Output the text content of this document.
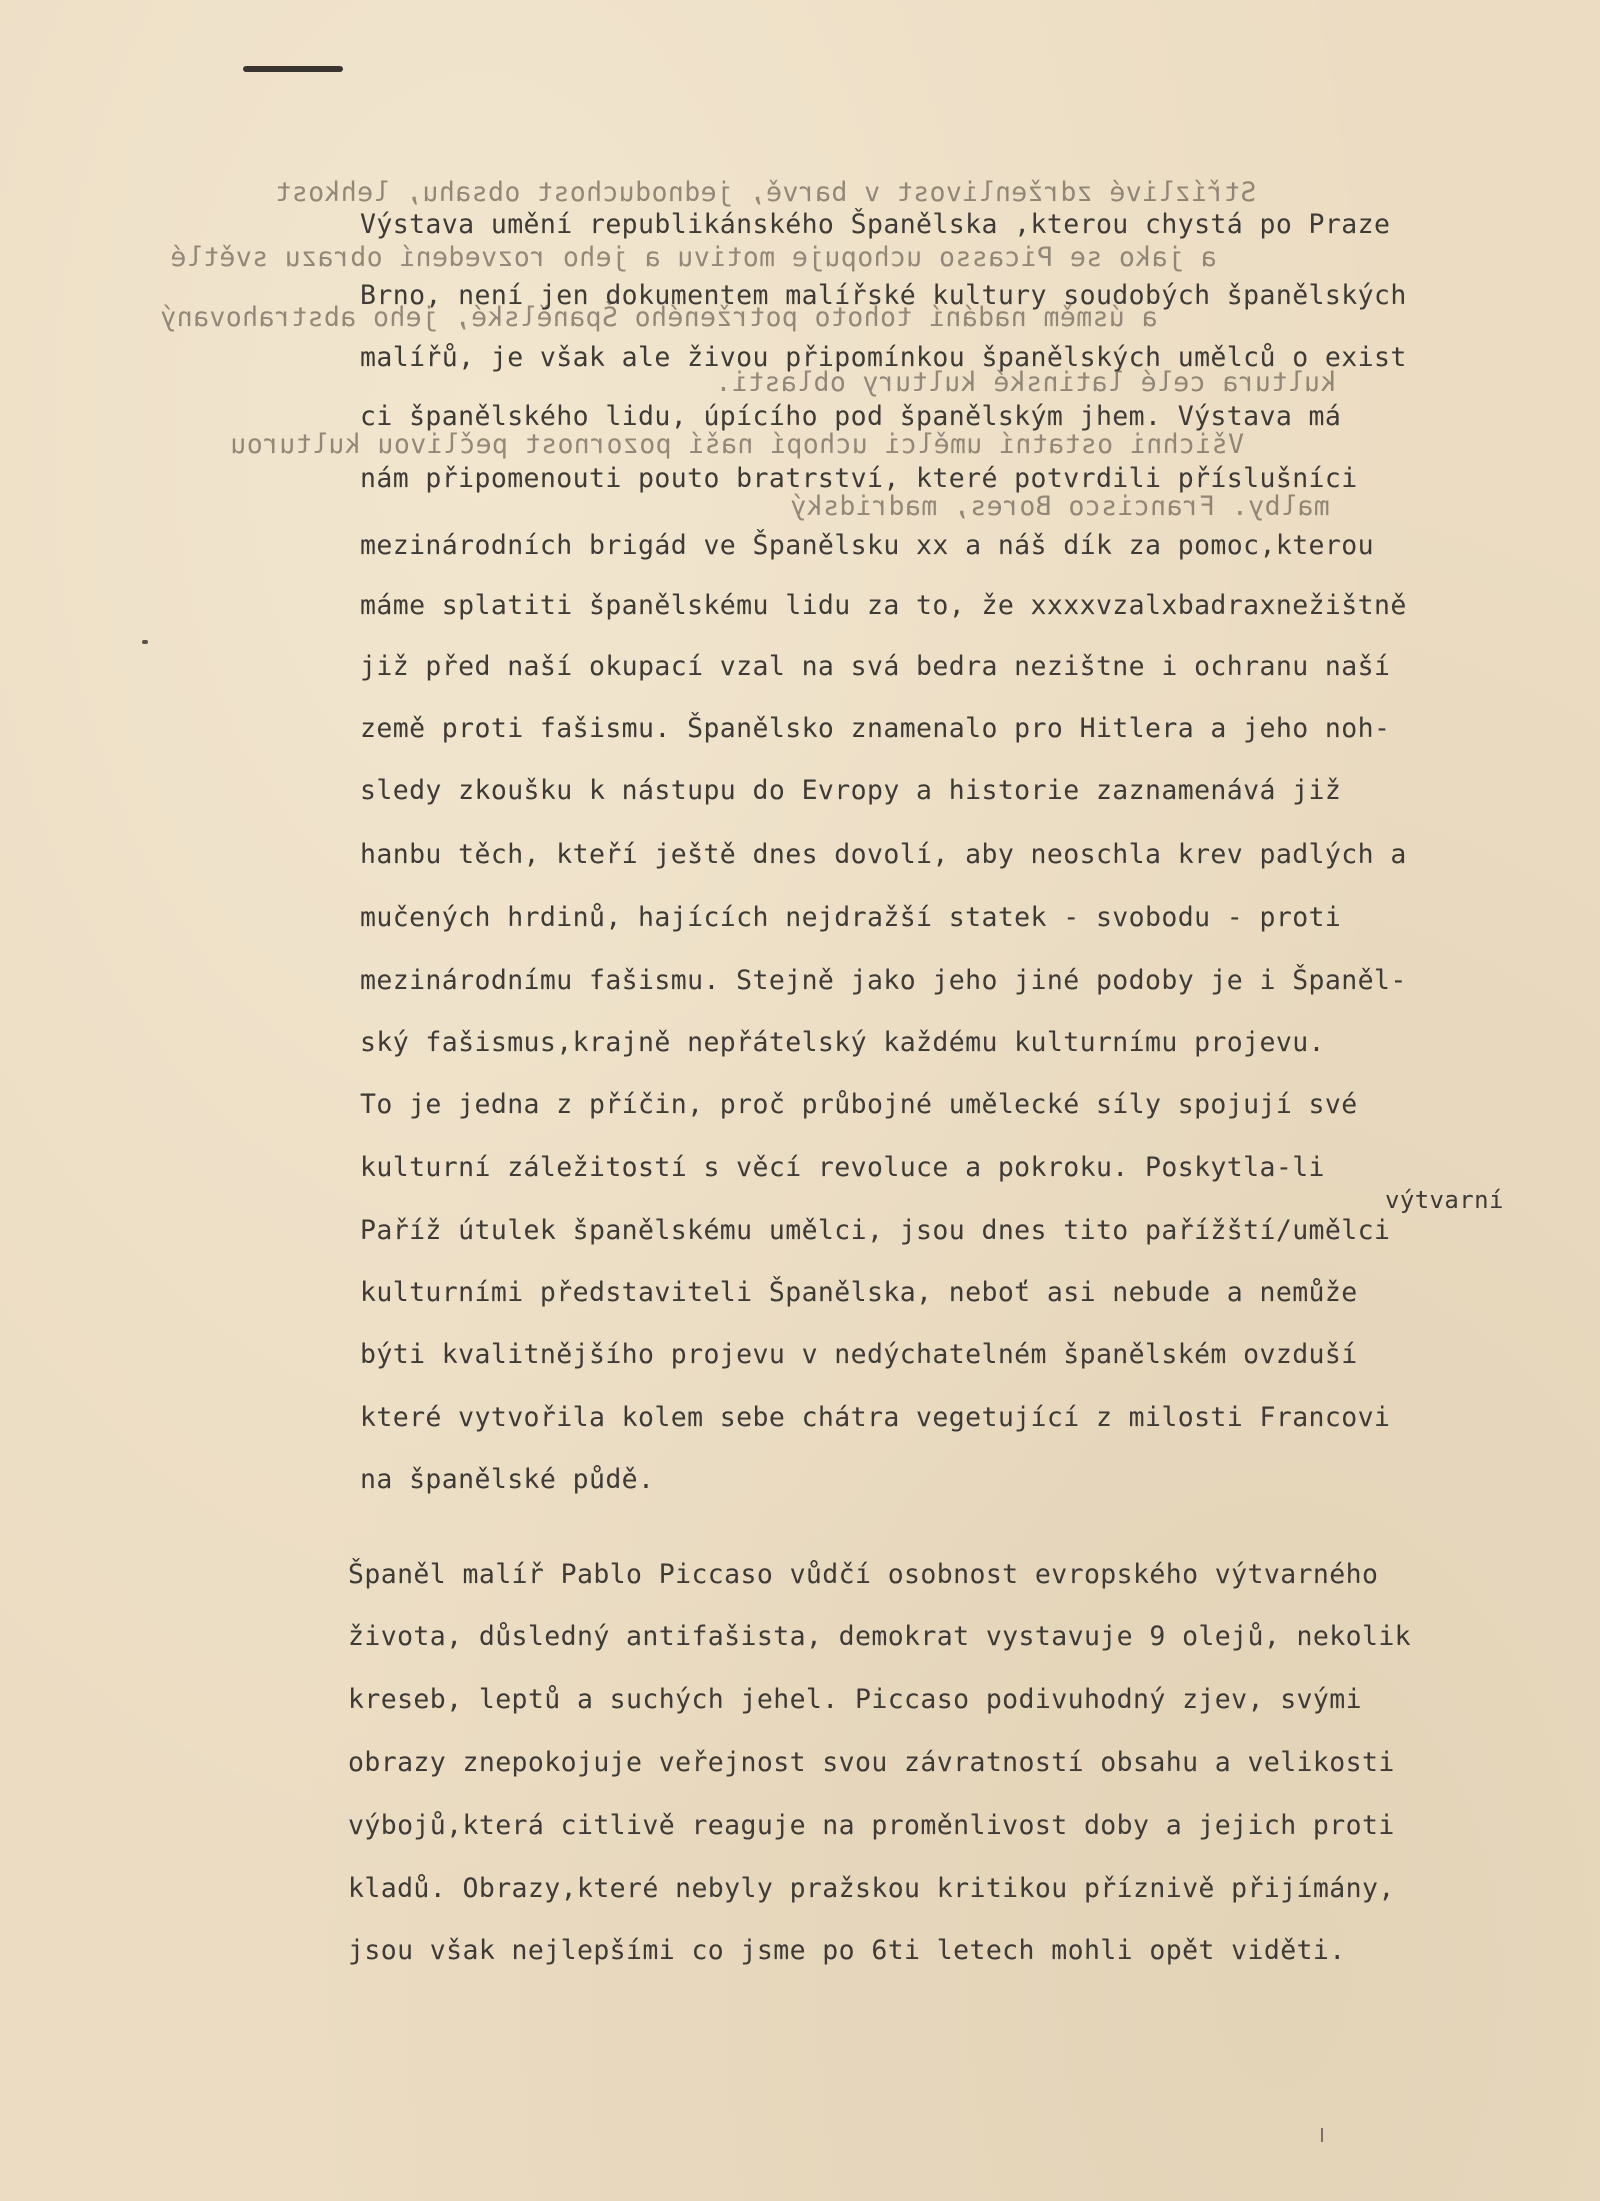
Střízlivé zdrženlivost v barvě, jednoduchost obsahu, lehkost
a jako se Picasso uchopuje motivu a jeho rozvedení obrazu světlé
a úsměm nadání tohoto potrženého Španělské, jeho abstrahovaný
kultura celé latinské kultury oblasti.
Všichni ostatní umělci uchopí naší pozornost pečlivou kulturou
malby. Francisco Bores, madridský
Výstava umění republikánského Španělska ,kterou chystá po Praze
Brno, není jen dokumentem malířské kultury soudobých španělských
malířů, je však ale živou připomínkou španělských umělců o exist
ci španělského lidu, úpícího pod španělským jhem. Výstava má
nám připomenouti pouto bratrství, které potvrdili příslušníci
mezinárodních brigád ve Španělsku xx a náš dík za pomoc,kterou
máme splatiti španělskému lidu za to, že xxxxvzalxbadraxnežištně
již před naší okupací vzal na svá bedra nezištne i ochranu naší
země proti fašismu. Španělsko znamenalo pro Hitlera a jeho noh-
sledy zkoušku k nástupu do Evropy a historie zaznamenává již
hanbu těch, kteří ještě dnes dovolí, aby neoschla krev padlých a
mučených hrdinů, hajících nejdražší statek - svobodu - proti
mezinárodnímu fašismu. Stejně jako jeho jiné podoby je i Španěl-
ský fašismus,krajně nepřátelský každému kulturnímu projevu.
To je jedna z příčin, proč průbojné umělecké síly spojují své
kulturní záležitostí s věcí revoluce a pokroku. Poskytla-li
výtvarní
Paříž útulek španělskému umělci, jsou dnes tito pařížští/umělci
kulturními představiteli Španělska, neboť asi nebude a nemůže
býti kvalitnějšího projevu v nedýchatelném španělském ovzduší
které vytvořila kolem sebe chátra vegetující z milosti Francovi
na španělské půdě.
Španěl malíř Pablo Piccaso vůdčí osobnost evropského výtvarného
života, důsledný antifašista, demokrat vystavuje 9 olejů, nekolik
kreseb, leptů a suchých jehel. Piccaso podivuhodný zjev, svými
obrazy znepokojuje veřejnost svou závratností obsahu a velikosti
výbojů,která citlivě reaguje na proměnlivost doby a jejich proti
kladů. Obrazy,které nebyly pražskou kritikou příznivě přijímány,
jsou však nejlepšími co jsme po 6ti letech mohli opět viděti.
